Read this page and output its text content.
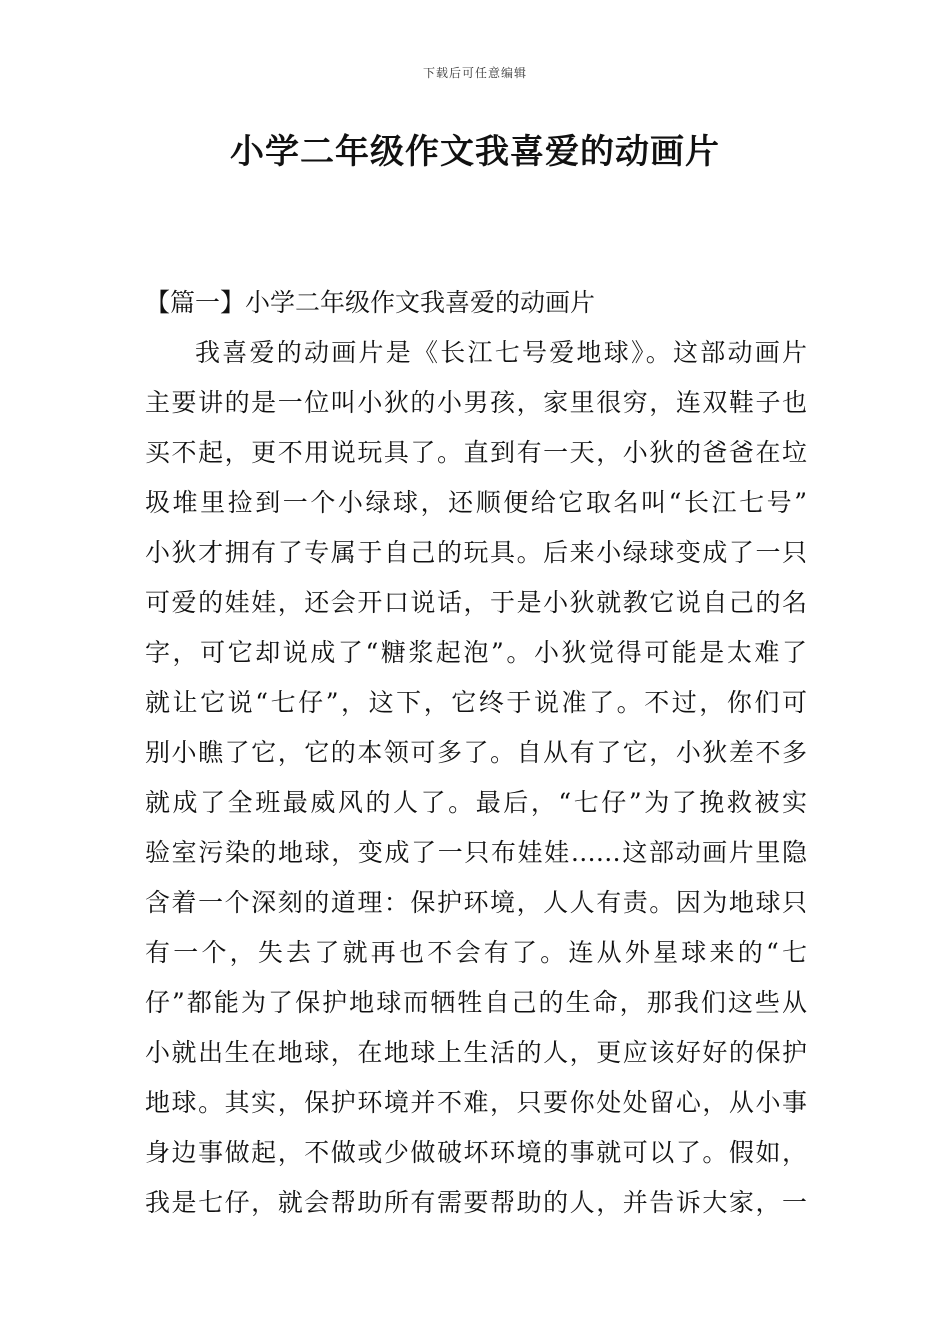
下载后可任意编辑
小学二年级作文我喜爱的动画片

【篇一】小学二年级作文我喜爱的动画片

我喜爱的动画片是《长江七号爱地球》。这部动画片

主要讲的是一位叫小狄的小男孩，家里很穷，连双鞋子也

买不起，更不用说玩具了。直到有一天，小狄的爸爸在垃

圾堆里捡到一个小绿球，还顺便给它取名叫“长江七号”

小狄才拥有了专属于自己的玩具。后来小绿球变成了一只

可爱的娃娃，还会开口说话，于是小狄就教它说自己的名

字，可它却说成了“糖浆起泡”。小狄觉得可能是太难了

就让它说“七仔”，这下，它终于说准了。不过，你们可

别小瞧了它，它的本领可多了。自从有了它，小狄差不多

就成了全班最威风的人了。最后，“七仔”为了挽救被实

验室污染的地球，变成了一只布娃娃……这部动画片里隐

含着一个深刻的道理：保护环境，人人有责。因为地球只

有一个，失去了就再也不会有了。连从外星球来的“七

仔”都能为了保护地球而牺牲自己的生命，那我们这些从

小就出生在地球，在地球上生活的人，更应该好好的保护

地球。其实，保护环境并不难，只要你处处留心，从小事

身边事做起，不做或少做破坏环境的事就可以了。假如，

我是七仔，就会帮助所有需要帮助的人，并告诉大家，一
